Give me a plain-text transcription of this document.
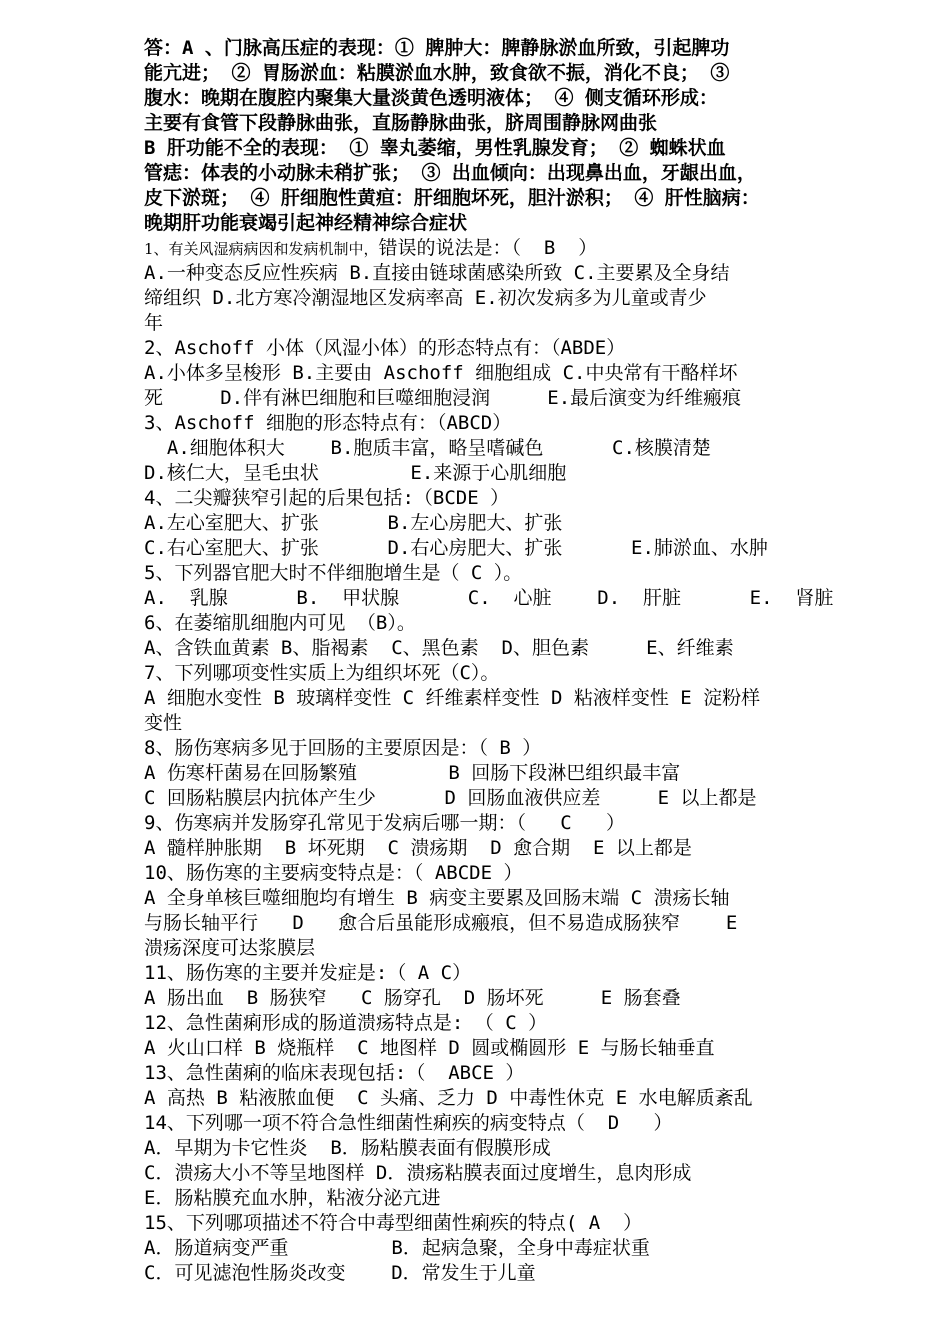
答：A 、门脉高压症的表现：① 脾肿大：脾静脉淤血所致，引起脾功
能亢进； ② 胃肠淤血：粘膜淤血水肿，致食欲不振，消化不良； ③
腹水：晚期在腹腔内聚集大量淡黄色透明液体； ④ 侧支循环形成：
主要有食管下段静脉曲张，直肠静脉曲张，脐周围静脉网曲张
B 肝功能不全的表现： ① 睾丸萎缩，男性乳腺发育； ② 蜘蛛状血
管痣：体表的小动脉未稍扩张； ③ 出血倾向：出现鼻出血，牙龈出血，
皮下淤斑； ④ 肝细胞性黄疸：肝细胞坏死，胆汁淤积； ④ 肝性脑病：
晚期肝功能衰竭引起神经精神综合症状
1、有关风湿病病因和发病机制中，错误的说法是：（  B  ）
A.一种变态反应性疾病 B.直接由链球菌感染所致 C.主要累及全身结
缔组织 D.北方寒冷潮湿地区发病率高 E.初次发病多为儿童或青少
年
2、Aschoff 小体（风湿小体）的形态特点有：（ABDE）
A.小体多呈梭形 B.主要由 Aschoff 细胞组成 C.中央常有干酪样坏
死     D.伴有淋巴细胞和巨噬细胞浸润     E.最后演变为纤维瘢痕
3、Aschoff 细胞的形态特点有：（ABCD）
A.细胞体积大    B.胞质丰富，略呈嗜碱色      C.核膜清楚
D.核仁大，呈毛虫状        E.来源于心肌细胞
4、二尖瓣狭窄引起的后果包括:（BCDE ）
A.左心室肥大、扩张      B.左心房肥大、扩张
C.右心室肥大、扩张      D.右心房肥大、扩张      E.肺淤血、水肿
5、下列器官肥大时不伴细胞增生是（ C ）。
A.  乳腺      B.  甲状腺      C.  心脏    D.  肝脏      E.  肾脏
6、在萎缩肌细胞内可见 （B）。
A、含铁血黄素 B、脂褐素  C、黑色素  D、胆色素     E、纤维素
7、下列哪项变性实质上为组织坏死（C）。
A 细胞水变性 B 玻璃样变性 C 纤维素样变性 D 粘液样变性 E 淀粉样
变性
8、肠伤寒病多见于回肠的主要原因是：（ B ）
A 伤寒杆菌易在回肠繁殖        B 回肠下段淋巴组织最丰富
C 回肠粘膜层内抗体产生少      D 回肠血液供应差     E 以上都是
9、伤寒病并发肠穿孔常见于发病后哪一期：（   C   ）
A 髓样肿胀期  B 坏死期  C 溃疡期  D 愈合期  E 以上都是
10、肠伤寒的主要病变特点是：（ ABCDE ）
A 全身单核巨噬细胞均有增生 B 病变主要累及回肠末端 C 溃疡长轴
与肠长轴平行   D   愈合后虽能形成瘢痕，但不易造成肠狭窄    E
溃疡深度可达浆膜层
11、肠伤寒的主要并发症是:（ A C）
A 肠出血  B 肠狭窄   C 肠穿孔  D 肠坏死     E 肠套叠
12、急性菌痢形成的肠道溃疡特点是: （ C ）
A 火山口样 B 烧瓶样  C 地图样 D 圆或椭圆形 E 与肠长轴垂直
13、急性菌痢的临床表现包括:（  ABCE ）
A 高热 B 粘液脓血便  C 头痛、乏力 D 中毒性休克 E 水电解质紊乱
14、下列哪一项不符合急性细菌性痢疾的病变特点（  D   ）
A．早期为卡它性炎  B．肠粘膜表面有假膜形成
C．溃疡大小不等呈地图样 D．溃疡粘膜表面过度增生，息肉形成
E．肠粘膜充血水肿，粘液分泌亢进
15、下列哪项描述不符合中毒型细菌性痢疾的特点( A  ）
A．肠道病变严重         B．起病急聚，全身中毒症状重
C．可见滤泡性肠炎改变    D．常发生于儿童
